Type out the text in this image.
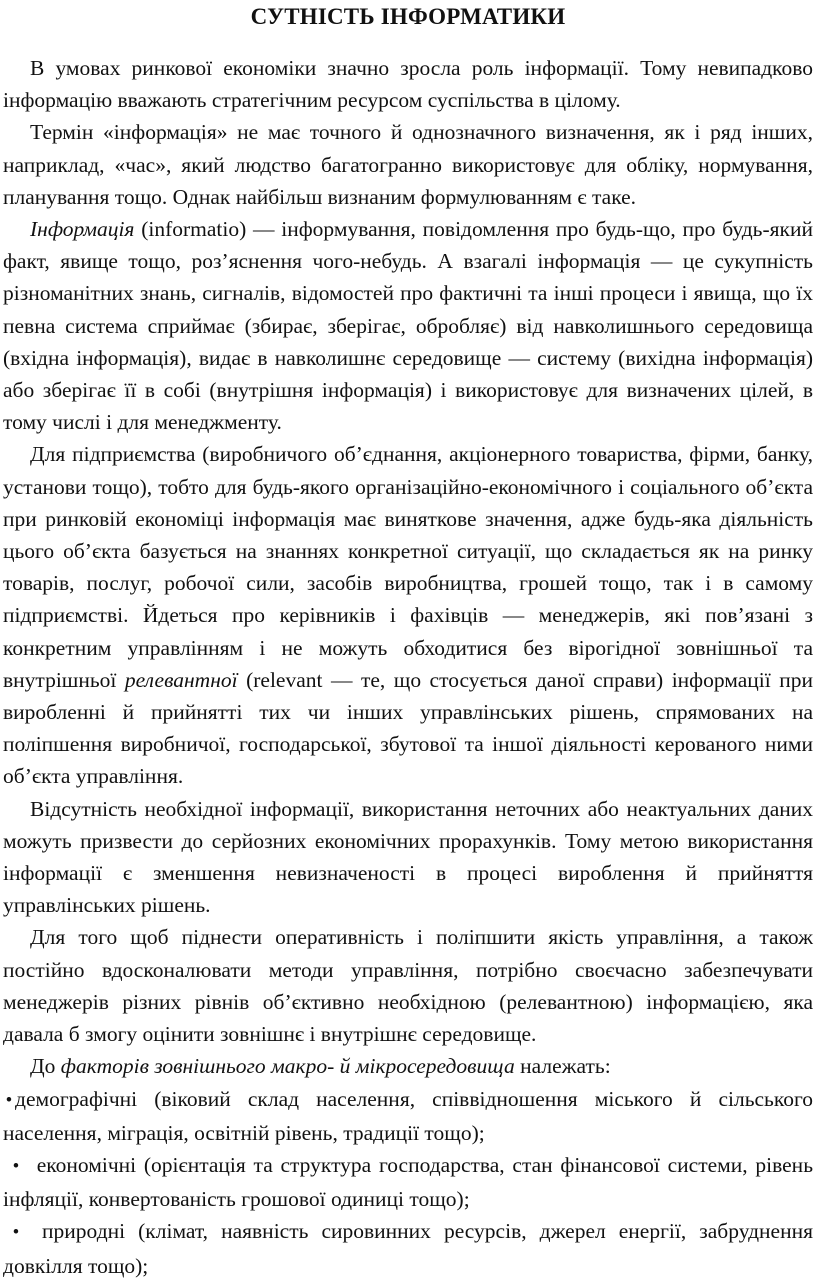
СУТНІСТЬ ІНФОРМАТИКИ

В умовах ринкової економіки значно зросла роль інформації. Тому невипадково інформацію вважають стратегічним ресурсом суспільства в цілому.

Термін «інформація» не має точного й однозначного визначення, як і ряд інших, наприклад, «час», який людство багатогранно використовує для обліку, нормування, планування тощо. Однак найбільш визнаним формулюванням є таке.

Інформація (informatio) — інформування, повідомлення про будь-що, про будь-який факт, явище тощо, роз’яснення чого-небудь. А взагалі інформація — це сукупність різноманітних знань, сигналів, відомостей про фактичні та інші процеси і явища, що їх певна система сприймає (збирає, зберігає, обробляє) від навколишнього середовища (вхідна інформація), видає в навколишнє середовище — систему (вихідна інформація) або зберігає її в собі (внутрішня інформація) і використовує для визначених цілей, в тому числі і для менеджменту.

Для підприємства (виробничого об’єднання, акціонерного товариства, фірми, банку, установи тощо), тобто для будь-якого організаційно-економічного і соціального об’єкта при ринковій економіці інформація має виняткове значення, адже будь-яка діяльність цього об’єкта базується на знаннях конкретної ситуації, що складається як на ринку товарів, послуг, робочої сили, засобів виробництва, грошей тощо, так і в самому підприємстві. Йдеться про керівників і фахівців — менеджерів, які пов’язані з конкретним управлінням і не можуть обходитися без вірогідної зовнішньої та внутрішньої релевантної (relevant — те, що стосується даної справи) інформації при виробленні й прийнятті тих чи інших управлінських рішень, спрямованих на поліпшення виробничої, господарської, збутової та іншої діяльності керованого ними об’єкта управління.

Відсутність необхідної інформації, використання неточних або неактуальних даних можуть призвести до серйозних економічних прорахунків. Тому метою використання інформації є зменшення невизначеності в процесі вироблення й прийняття управлінських рішень.

Для того щоб піднести оперативність і поліпшити якість управління, а також постійно вдосконалювати методи управління, потрібно своєчасно забезпечувати менеджерів різних рівнів об’єктивно необхідною (релевантною) інформацією, яка давала б змогу оцінити зовнішнє і внутрішнє середовище.

До факторів зовнішнього макро- й мікросередовища належать:

• демографічні (віковий склад населення, співвідношення міського й сільського населення, міграція, освітній рівень, традиції тощо);

• економічні (орієнтація та структура господарства, стан фінансової системи, рівень інфляції, конвертованість грошової одиниці тощо);

• природні (клімат, наявність сировинних ресурсів, джерел енергії, забруднення довкілля тощо);
